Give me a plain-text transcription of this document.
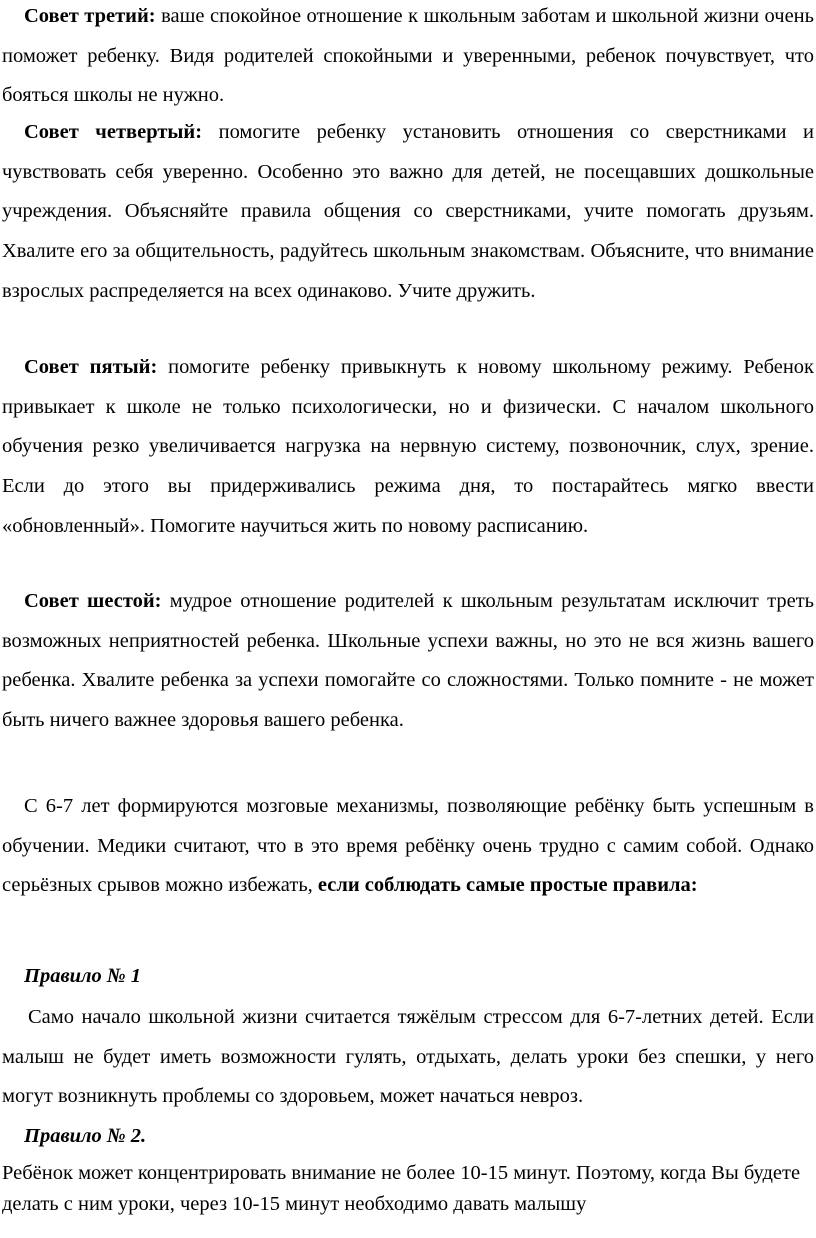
Совет третий: ваше спокойное отношение к школьным заботам и школьной жизни очень поможет ребенку. Видя родителей спокойными и уверенными, ребенок почувствует, что бояться школы не нужно.

Совет четвертый: помогите ребенку установить отношения со сверстниками и чувствовать себя уверенно. Особенно это важно для детей, не посещавших дошкольные учреждения. Объясняйте правила общения со сверстниками, учите помогать друзьям. Хвалите его за общительность, радуйтесь школьным знакомствам. Объясните, что внимание взрослых распределяется на всех одинаково. Учите дружить.

Совет пятый: помогите ребенку привыкнуть к новому школьному режиму. Ребенок привыкает к школе не только психологически, но и физически. С началом школьного обучения резко увеличивается нагрузка на нервную систему, позвоночник, слух, зрение. Если до этого вы придерживались режима дня, то постарайтесь мягко ввести «обновленный». Помогите научиться жить по новому расписанию.

Совет шестой: мудрое отношение родителей к школьным результатам исключит треть возможных неприятностей ребенка. Школьные успехи важны, но это не вся жизнь вашего ребенка. Хвалите ребенка за успехи помогайте со сложностями. Только помните - не может быть ничего важнее здоровья вашего ребенка.

С 6-7 лет формируются мозговые механизмы, позволяющие ребёнку быть успешным в обучении. Медики считают, что в это время ребёнку очень трудно с самим собой. Однако серьёзных срывов можно избежать, если соблюдать самые простые правила:

Правило № 1

Само начало школьной жизни считается тяжёлым стрессом для 6-7-летних детей. Если малыш не будет иметь возможности гулять, отдыхать, делать уроки без спешки, у него могут возникнуть проблемы со здоровьем, может начаться невроз.

Правило № 2.

Ребёнок может концентрировать внимание не более 10-15 минут. Поэтому, когда Вы будете делать с ним уроки, через 10-15 минут необходимо давать малышу
